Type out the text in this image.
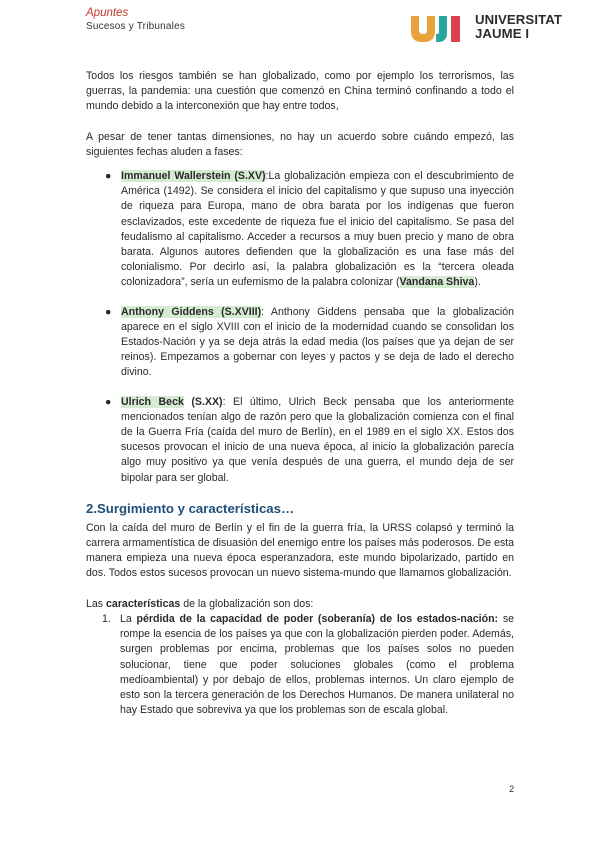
Apuntes
Sucesos y Tribunales	UNIVERSITAT
JAUME I

Todos los riesgos también se han globalizado, como por ejemplo los terrorismos, las guerras, la pandemia: una cuestión que comenzó en China terminó confinando a todo el mundo debido a la interconexión que hay entre todos,

A pesar de tener tantas dimensiones, no hay un acuerdo sobre cuándo empezó, las siguientes fechas aluden a fases:

● Immanuel Wallerstein (S.XV):La globalización empieza con el descubrimiento de América (1492). Se considera el inicio del capitalismo y que supuso una inyección de riqueza para Europa, mano de obra barata por los indígenas que fueron esclavizados, este excedente de riqueza fue el inicio del capitalismo. Se pasa del feudalismo al capitalismo. Acceder a recursos a muy buen precio y mano de obra barata. Algunos autores defienden que la globalización es una fase más del colonialismo. Por decirlo así, la palabra globalización es la “tercera oleada colonizadora”, sería un eufemismo de la palabra colonizar (Vandana Shiva).
● Anthony Giddens (S.XVIII): Anthony Giddens pensaba que la globalización aparece en el siglo XVIII con el inicio de la modernidad cuando se consolidan los Estados-Nación y ya se deja atrás la edad media (los países que ya dejan de ser reinos). Empezamos a gobernar con leyes y pactos y se deja de lado el derecho divino.
● Ulrich Beck (S.XX): El último, Ulrich Beck pensaba que los anteriormente mencionados tenían algo de razón pero que la globalización comienza con el final de la Guerra Fría (caída del muro de Berlín), en el 1989 en el siglo XX. Estos dos sucesos provocan el inicio de una nueva época, al inicio la globalización parecía algo muy positivo ya que venía después de una guerra, el mundo deja de ser bipolar para ser global.
2.Surgimiento y características…

Con la caída del muro de Berlín y el fin de la guerra fría, la URSS colapsó y terminó la carrera armamentística de disuasión del enemigo entre los países más poderosos. De esta manera empieza una nueva época esperanzadora, este mundo bipolarizado, partido en dos. Todos estos sucesos provocan un nuevo sistema-mundo que llamamos globalización.

Las características de la globalización son dos:

1. La pérdida de la capacidad de poder (soberanía) de los estados-nación: se rompe la esencia de los países ya que con la globalización pierden poder. Además, surgen problemas por encima, problemas que los países solos no pueden solucionar, tiene que poder soluciones globales (como el problema medioambiental) y por debajo de ellos, problemas internos. Un claro ejemplo de esto son la tercera generación de los Derechos Humanos. De manera unilateral no hay Estado que sobreviva ya que los problemas son de escala global.
2
